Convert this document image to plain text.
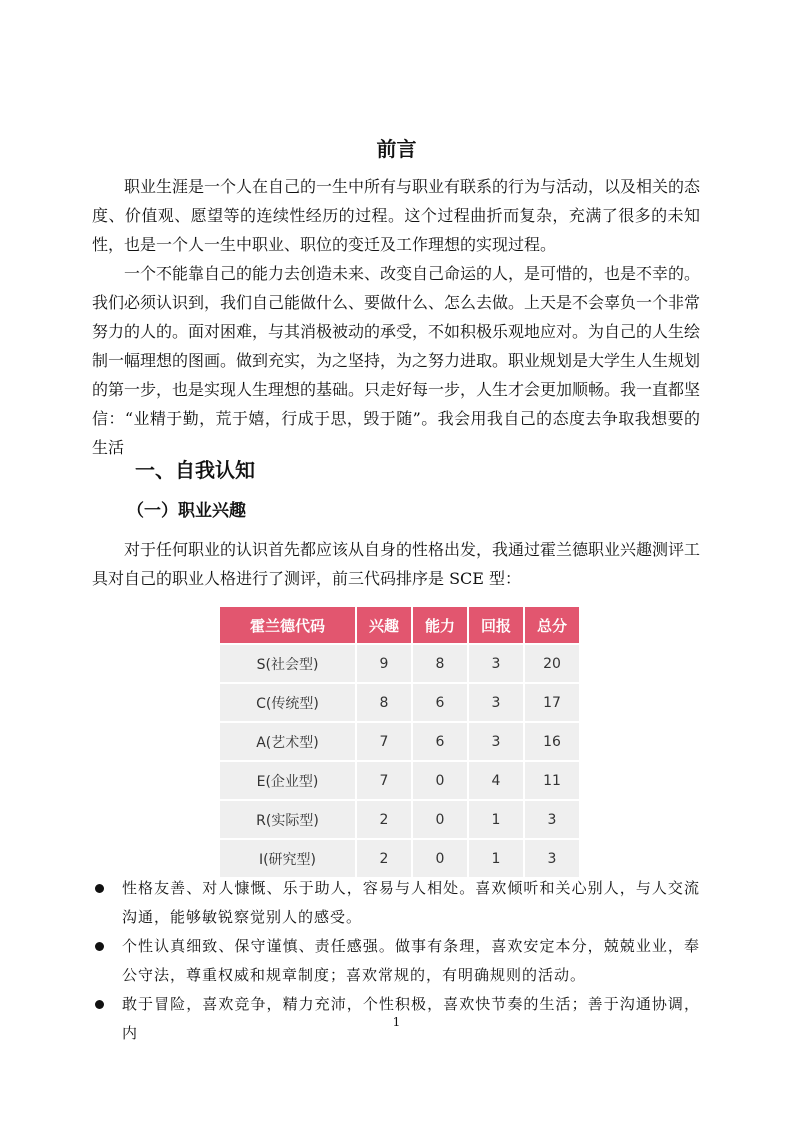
前言
职业生涯是一个人在自己的一生中所有与职业有联系的行为与活动，以及相关的态度、价值观、愿望等的连续性经历的过程。这个过程曲折而复杂，充满了很多的未知性，也是一个人一生中职业、职位的变迁及工作理想的实现过程。
一个不能靠自己的能力去创造未来、改变自己命运的人，是可惜的，也是不幸的。我们必须认识到，我们自己能做什么、要做什么、怎么去做。上天是不会辜负一个非常努力的人的。面对困难，与其消极被动的承受，不如积极乐观地应对。为自己的人生绘制一幅理想的图画。做到充实，为之坚持，为之努力进取。职业规划是大学生人生规划的第一步，也是实现人生理想的基础。只走好每一步，人生才会更加顺畅。我一直都坚信：“业精于勤，荒于嬉，行成于思，毁于随”。我会用我自己的态度去争取我想要的生活
一、自我认知
（一）职业兴趣
对于任何职业的认识首先都应该从自身的性格出发，我通过霍兰德职业兴趣测评工具对自己的职业人格进行了测评，前三代码排序是 SCE 型：
霍兰德代码	兴趣	能力	回报	总分
S(社会型)	9	8	3	20
C(传统型)	8	6	3	17
A(艺术型)	7	6	3	16
E(企业型)	7	0	4	11
R(实际型)	2	0	1	3
I(研究型)	2	0	1	3
性格友善、对人慷慨、乐于助人，容易与人相处。喜欢倾听和关心别人，与人交流沟通，能够敏锐察觉别人的感受。
个性认真细致、保守谨慎、责任感强。做事有条理，喜欢安定本分，兢兢业业，奉公守法，尊重权威和规章制度；喜欢常规的，有明确规则的活动。
敢于冒险，喜欢竞争，精力充沛，个性积极，喜欢快节奏的生活；善于沟通协调，内
1
